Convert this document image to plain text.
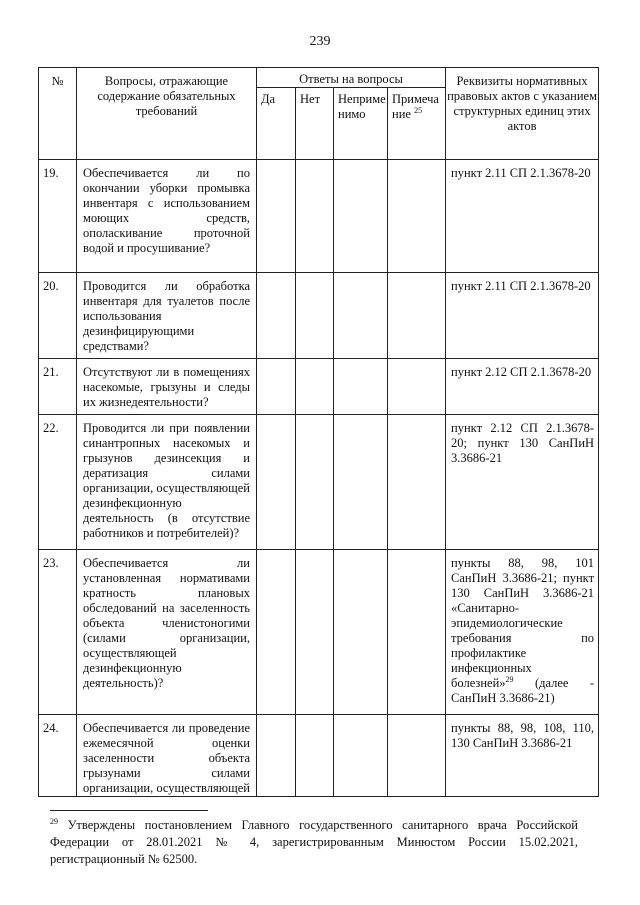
239
№	Вопросы, отражающие содержание обязательных требований	Ответы на вопросы				Реквизиты нормативных правовых актов с указанием структурных единиц этих актов
		Да	Нет	Неприме нимо	Примеча ние $^{25}$
19.	Обеспечивается ли по окончании уборки промывка инвентаря с использованием моющих средств, ополаскивание проточной водой и просушивание?					пункт 2.11 СП 2.1.3678-20
20.	Проводится ли обработка инвентаря для туалетов после использования дезинфицирующими средствами?					пункт 2.11 СП 2.1.3678-20
21.	Отсутствуют ли в помещениях насекомые, грызуны и следы их жизнедеятельности?					пункт 2.12 СП 2.1.3678-20
22.	Проводится ли при появлении синантропных насекомых и грызунов дезинсекция и дератизация силами организации, осуществляющей дезинфекционную деятельность (в отсутствие работников и потребителей)?					пункт 2.12 СП 2.1.3678-20; пункт 130 СанПиН 3.3686-21
23.	Обеспечивается ли установленная нормативами кратность плановых обследований на заселенность объекта членистоногими (силами организации, осуществляющей дезинфекционную деятельность)?					пункты 88, 98, 101 СанПиН 3.3686-21; пункт 130 СанПиН 3.3686-21 «Санитарно-эпидемиологические требования по профилактике инфекционных болезней»$^{29}$ (далее - СанПиН 3.3686-21)
24.	Обеспечивается ли проведение ежемесячной оценки заселенности объекта грызунами силами организации, осуществляющей					пункты 88, 98, 108, 110, 130 СанПиН 3.3686-21
$^{29}$ Утверждены постановлением Главного государственного санитарного врача Российской Федерации от 28.01.2021 № 4, зарегистрированным Минюстом России 15.02.2021, регистрационный № 62500.
